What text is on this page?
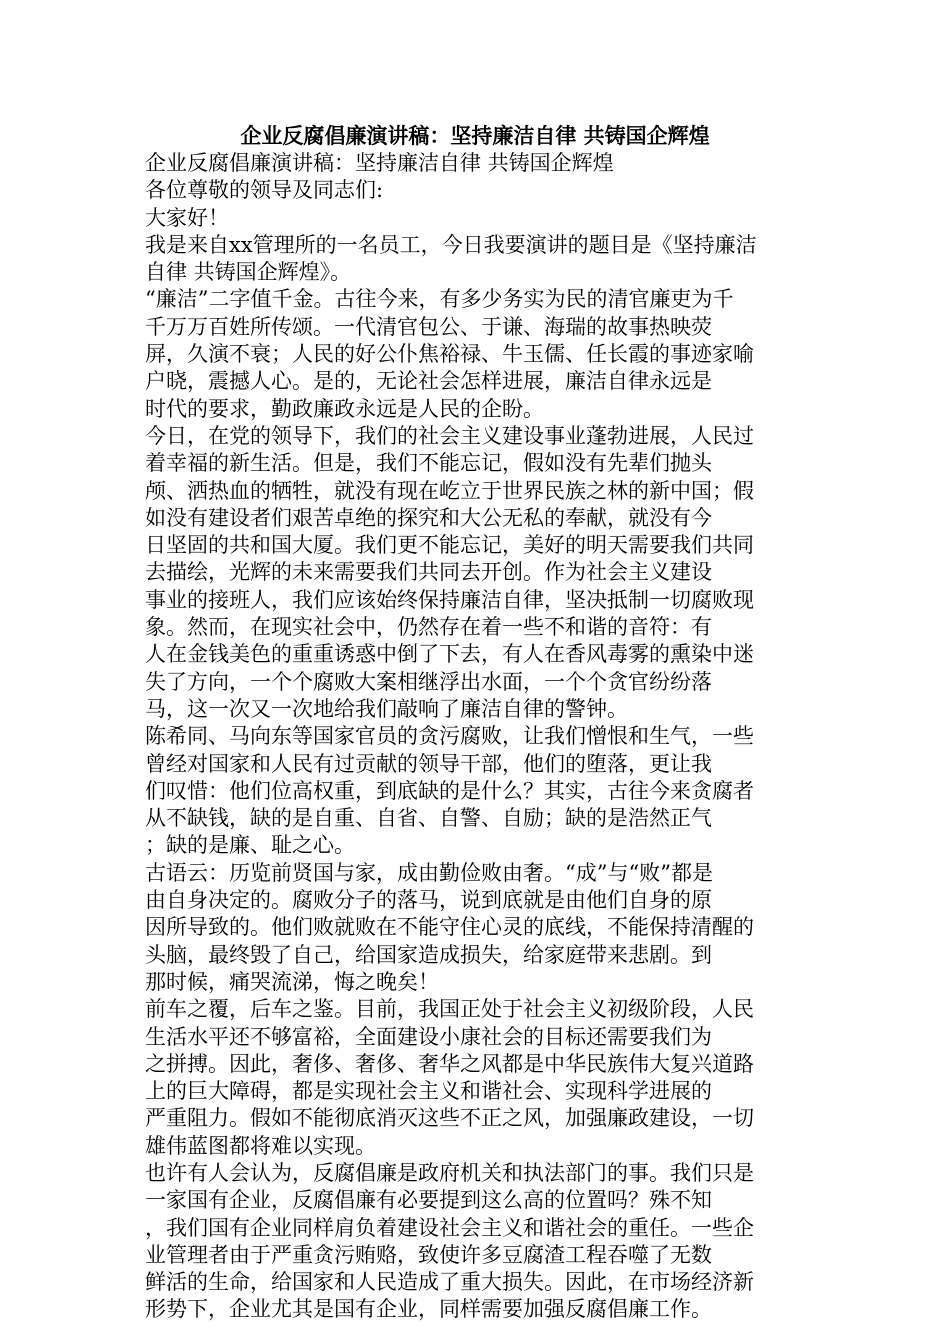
企业反腐倡廉演讲稿：坚持廉洁自律 共铸国企辉煌
企业反腐倡廉演讲稿：坚持廉洁自律 共铸国企辉煌
各位尊敬的领导及同志们:
大家好！
我是来自xx管理所的一名员工，今日我要演讲的题目是《坚持廉洁
自律 共铸国企辉煌》。
“廉洁”二字值千金。古往今来，有多少务实为民的清官廉吏为千
千万万百姓所传颂。一代清官包公、于谦、海瑞的故事热映荧
屏，久演不衰；人民的好公仆焦裕禄、牛玉儒、任长霞的事迹家喻
户晓，震撼人心。是的，无论社会怎样进展，廉洁自律永远是
时代的要求，勤政廉政永远是人民的企盼。
今日，在党的领导下，我们的社会主义建设事业蓬勃进展，人民过
着幸福的新生活。但是，我们不能忘记，假如没有先辈们抛头
颅、洒热血的牺牲，就没有现在屹立于世界民族之林的新中国；假
如没有建设者们艰苦卓绝的探究和大公无私的奉献，就没有今
日坚固的共和国大厦。我们更不能忘记，美好的明天需要我们共同
去描绘，光辉的未来需要我们共同去开创。作为社会主义建设
事业的接班人，我们应该始终保持廉洁自律，坚决抵制一切腐败现
象。然而，在现实社会中，仍然存在着一些不和谐的音符：有
人在金钱美色的重重诱惑中倒了下去，有人在香风毒雾的熏染中迷
失了方向，一个个腐败大案相继浮出水面，一个个贪官纷纷落
马，这一次又一次地给我们敲响了廉洁自律的警钟。
陈希同、马向东等国家官员的贪污腐败，让我们憎恨和生气，一些
曾经对国家和人民有过贡献的领导干部，他们的堕落，更让我
们叹惜：他们位高权重，到底缺的是什么？其实，古往今来贪腐者
从不缺钱，缺的是自重、自省、自警、自励；缺的是浩然正气
；缺的是廉、耻之心。
古语云：历览前贤国与家，成由勤俭败由奢。“成”与“败”都是
由自身决定的。腐败分子的落马，说到底就是由他们自身的原
因所导致的。他们败就败在不能守住心灵的底线，不能保持清醒的
头脑，最终毁了自己，给国家造成损失，给家庭带来悲剧。到
那时候，痛哭流涕，悔之晚矣！
前车之覆，后车之鉴。目前，我国正处于社会主义初级阶段，人民
生活水平还不够富裕，全面建设小康社会的目标还需要我们为
之拼搏。因此，奢侈、奢侈、奢华之风都是中华民族伟大复兴道路
上的巨大障碍，都是实现社会主义和谐社会、实现科学进展的
严重阻力。假如不能彻底消灭这些不正之风，加强廉政建设，一切
雄伟蓝图都将难以实现。
也许有人会认为，反腐倡廉是政府机关和执法部门的事。我们只是
一家国有企业，反腐倡廉有必要提到这么高的位置吗？殊不知
，我们国有企业同样肩负着建设社会主义和谐社会的重任。一些企
业管理者由于严重贪污贿赂，致使许多豆腐渣工程吞噬了无数
鲜活的生命，给国家和人民造成了重大损失。因此，在市场经济新
形势下，企业尤其是国有企业，同样需要加强反腐倡廉工作。
